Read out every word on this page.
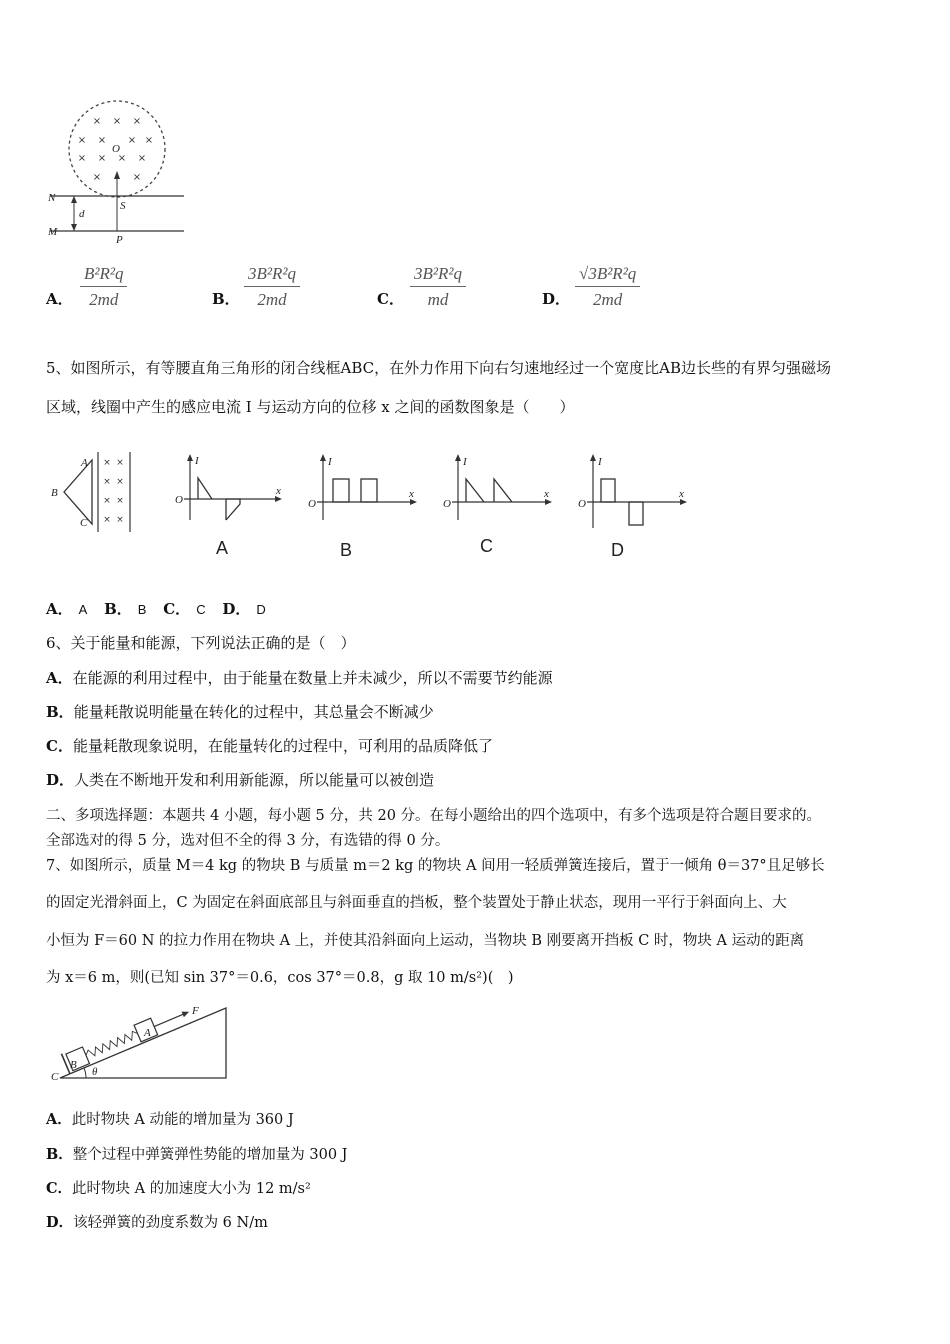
× × ×
× × × ×
× × × ×
×	×
O
N
M
d
S
P
A． $\frac{\text{B²R²q}}{2md}$	B． $\frac{\text{3B²R²q}}{2md}$	C． $\frac{\text{3B²R²q}}{md}$	D． $\frac{\text{√3B²R²q}}{2md}$
5、如图所示，有等腰直角三角形的闭合线框ABC，在外力作用下向右匀速地经过一个宽度比AB边长些的有界匀强磁场
区域，线圈中产生的感应电流 I 与运动方向的位移 x 之间的函数图象是（　　）
× ×
× ×
× ×
× ×
A
B
C
I
x
O
A
I
x
O
B
I
x
O
C
I
x
O
D
A． A B． B C． C D． D
6、关于能量和能源，下列说法正确的是（　）
A．在能源的利用过程中，由于能量在数量上并未减少，所以不需要节约能源
B．能量耗散说明能量在转化的过程中，其总量会不断减少
C．能量耗散现象说明，在能量转化的过程中，可利用的品质降低了
D．人类在不断地开发和利用新能源，所以能量可以被创造
二、多项选择题：本题共 4 小题，每小题 5 分，共 20 分。在每小题给出的四个选项中，有多个选项是符合题目要求的。
全部选对的得 5 分，选对但不全的得 3 分，有选错的得 0 分。
7、如图所示，质量 M＝4 kg 的物块 B 与质量 m＝2 kg 的物块 A 间用一轻质弹簧连接后，置于一倾角 θ＝37°且足够长
的固定光滑斜面上，C 为固定在斜面底部且与斜面垂直的挡板，整个装置处于静止状态，现用一平行于斜面向上、大
小恒为 F＝60 N 的拉力作用在物块 A 上，并使其沿斜面向上运动，当物块 B 刚要离开挡板 C 时，物块 A 运动的距离
为 x＝6 m，则(已知 sin 37°＝0.6，cos 37°＝0.8，g 取 10 m/s²)(　)
C
B
A
F
θ
A．此时物块 A 动能的增加量为 360 J
B．整个过程中弹簧弹性势能的增加量为 300 J
C．此时物块 A 的加速度大小为 12 m/s²
D．该轻弹簧的劲度系数为 6 N/m
